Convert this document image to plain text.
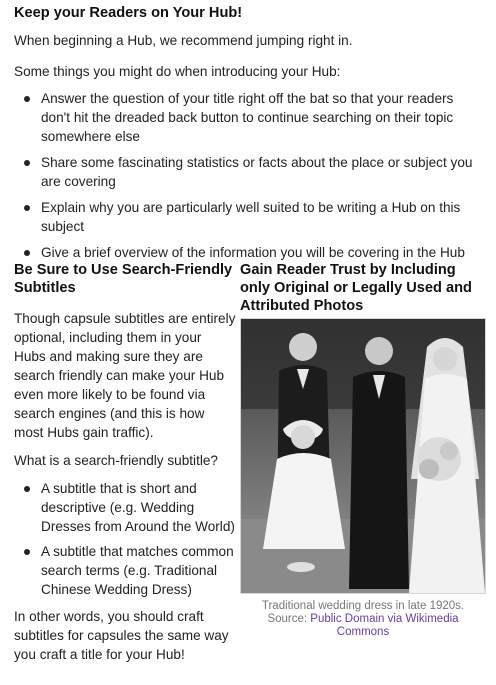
Keep your Readers on Your Hub!

When beginning a Hub, we recommend jumping right in.

Some things you might do when introducing your Hub:

Answer the question of your title right off the bat so that your readers don't hit the dreaded back button to continue searching on their topic somewhere else
Share some fascinating statistics or facts about the place or subject you are covering
Explain why you are particularly well suited to be writing a Hub on this subject
Give a brief overview of the information you will be covering in the Hub
Be Sure to Use Search-Friendly Subtitles

Though capsule subtitles are entirely optional, including them in your Hubs and making sure they are search friendly can make your Hub even more likely to be found via search engines (and this is how most Hubs gain traffic).

What is a search-friendly subtitle?

A subtitle that is short and descriptive (e.g. Wedding Dresses from Around the World)
A subtitle that matches common search terms (e.g. Traditional Chinese Wedding Dress)

In other words, you should craft subtitles for capsules the same way you craft a title for your Hub!

Gain Reader Trust by Including only Original or Legally Used and Attributed Photos
Traditional wedding dress in late 1920s.
Source: Public Domain via Wikimedia Commons
